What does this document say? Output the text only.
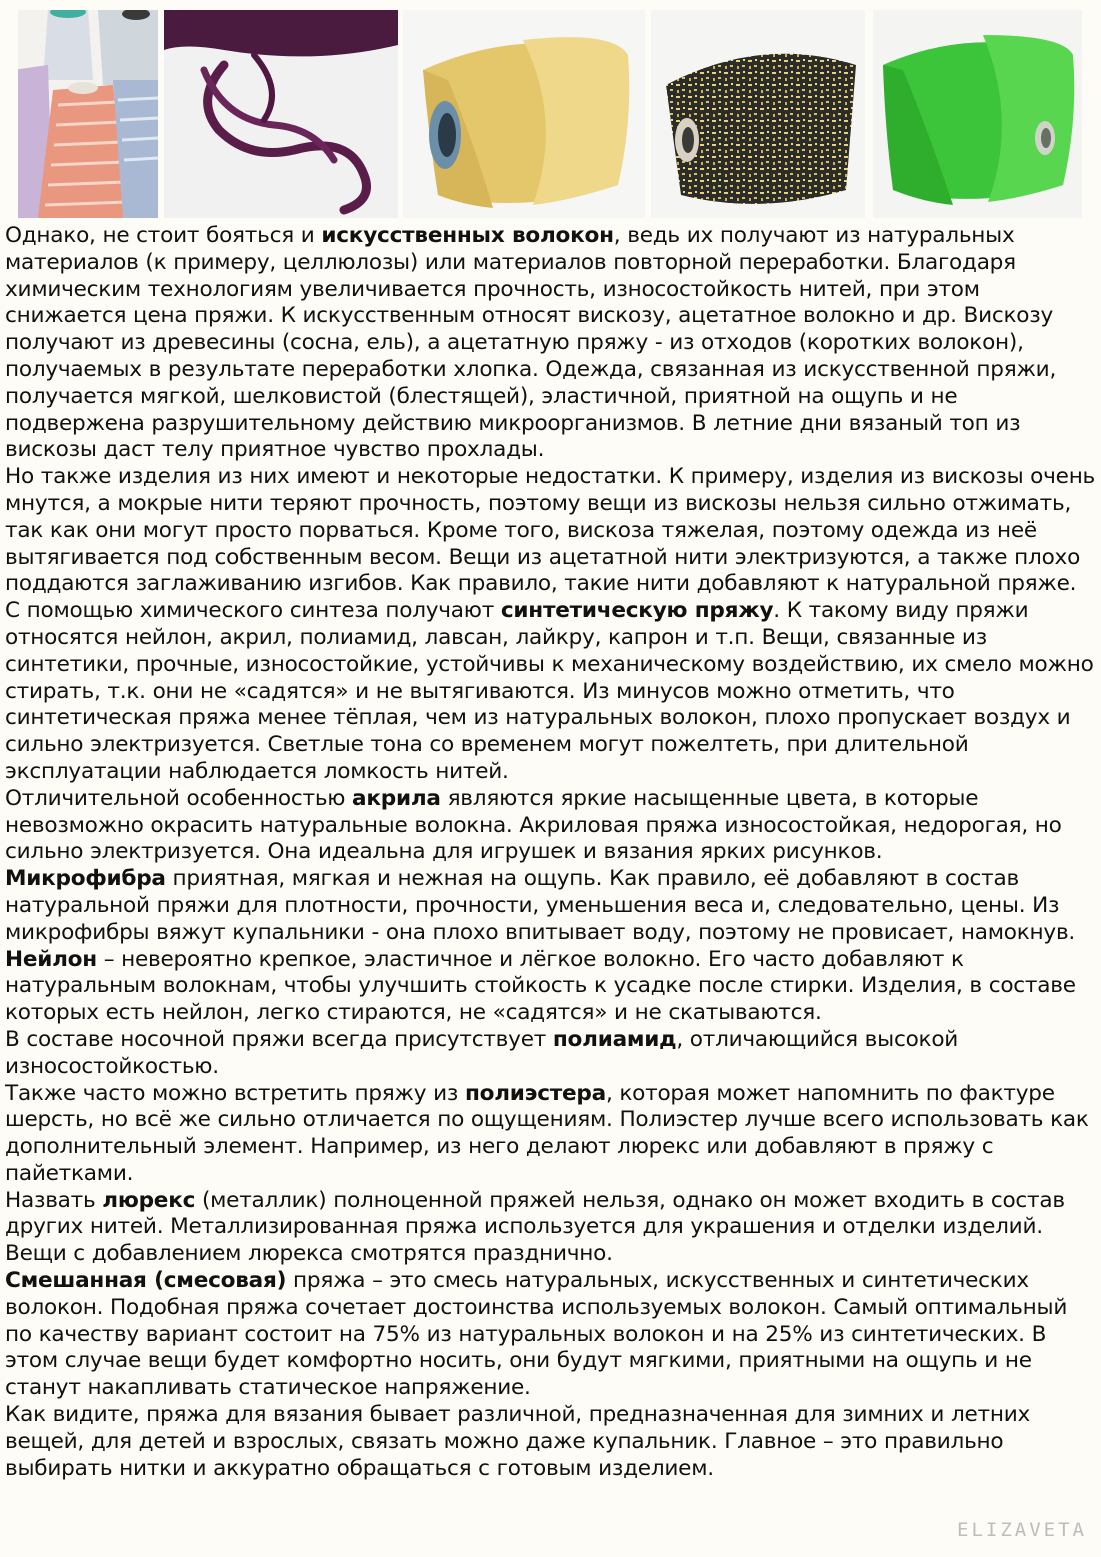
Однако, не стоит бояться и искусственных волокон, ведь их получают из натуральных материалов (к примеру, целлюлозы) или материалов повторной переработки. Благодаря химическим технологиям увеличивается прочность, износостойкость нитей, при этом снижается цена пряжи. К искусственным относят вискозу, ацетатное волокно и др. Вискозу получают из древесины (сосна, ель), а ацетатную пряжу - из отходов (коротких волокон), получаемых в результате переработки хлопка. Одежда, связанная из искусственной пряжи, получается мягкой, шелковистой (блестящей), эластичной, приятной на ощупь и не подвержена разрушительному действию микроорганизмов. В летние дни вязаный топ из вискозы даст телу приятное чувство прохлады.

Но также изделия из них имеют и некоторые недостатки. К примеру, изделия из вискозы очень мнутся, а мокрые нити теряют прочность, поэтому вещи из вискозы нельзя сильно отжимать, так как они могут просто порваться. Кроме того, вискоза тяжелая, поэтому одежда из неё вытягивается под собственным весом. Вещи из ацетатной нити электризуются, а также плохо поддаются заглаживанию изгибов. Как правило, такие нити добавляют к натуральной пряже.

С помощью химического синтеза получают синтетическую пряжу. К такому виду пряжи относятся нейлон, акрил, полиамид, лавсан, лайкру, капрон и т.п. Вещи, связанные из синтетики, прочные, износостойкие, устойчивы к механическому воздействию, их смело можно стирать, т.к. они не «садятся» и не вытягиваются. Из минусов можно отметить, что синтетическая пряжа менее тёплая, чем из натуральных волокон, плохо пропускает воздух и сильно электризуется. Светлые тона со временем могут пожелтеть, при длительной эксплуатации наблюдается ломкость нитей.

Отличительной особенностью акрила являются яркие насыщенные цвета, в которые невозможно окрасить натуральные волокна. Акриловая пряжа износостойкая, недорогая, но сильно электризуется. Она идеальна для игрушек и вязания ярких рисунков.

Микрофибра приятная, мягкая и нежная на ощупь. Как правило, её добавляют в состав натуральной пряжи для плотности, прочности, уменьшения веса и, следовательно, цены. Из микрофибры вяжут купальники - она плохо впитывает воду, поэтому не провисает, намокнув.

Нейлон – невероятно крепкое, эластичное и лёгкое волокно. Его часто добавляют к натуральным волокнам, чтобы улучшить стойкость к усадке после стирки. Изделия, в составе которых есть нейлон, легко стираются, не «садятся» и не скатываются.

В составе носочной пряжи всегда присутствует полиамид, отличающийся высокой износостойкостью.

Также часто можно встретить пряжу из полиэстера, которая может напомнить по фактуре шерсть, но всё же сильно отличается по ощущениям. Полиэстер лучше всего использовать как дополнительный элемент. Например, из него делают люрекс или добавляют в пряжу с пайетками.

Назвать люрекс (металлик) полноценной пряжей нельзя, однако он может входить в состав других нитей. Металлизированная пряжа используется для украшения и отделки изделий. Вещи с добавлением люрекса смотрятся празднично.

Смешанная (смесовая) пряжа – это смесь натуральных, искусственных и синтетических волокон. Подобная пряжа сочетает достоинства используемых волокон. Самый оптимальный по качеству вариант состоит на 75% из натуральных волокон и на 25% из синтетических. В этом случае вещи будет комфортно носить, они будут мягкими, приятными на ощупь и не станут накапливать статическое напряжение.

Как видите, пряжа для вязания бывает различной, предназначенная для зимних и летних вещей, для детей и взрослых, связать можно даже купальник. Главное – это правильно выбирать нитки и аккуратно обращаться с готовым изделием.

ELIZAVETA
